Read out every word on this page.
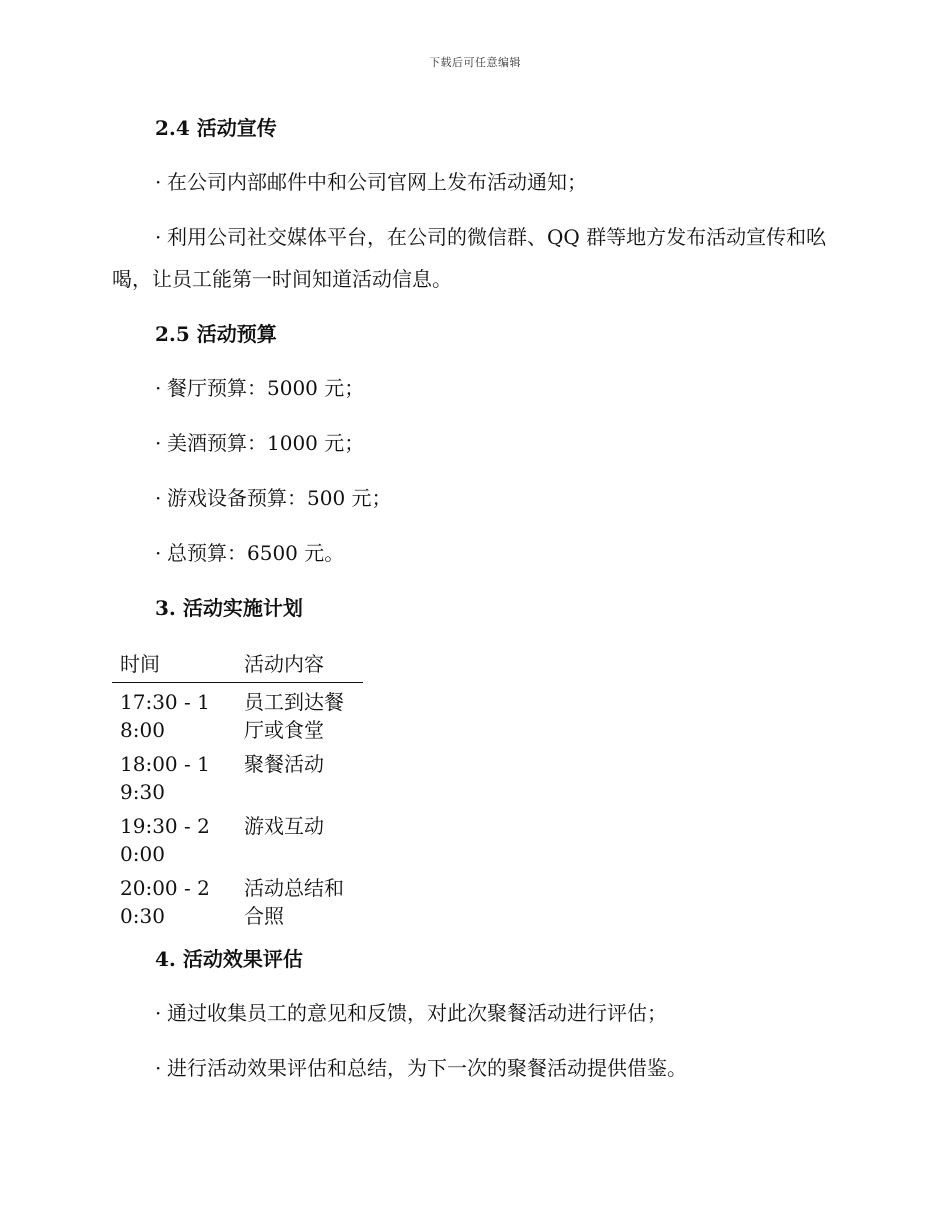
下载后可任意编辑
2.4 活动宣传
· 在公司内部邮件中和公司官网上发布活动通知；
· 利用公司社交媒体平台，在公司的微信群、QQ 群等地方发布活动宣传和吆喝，让员工能第一时间知道活动信息。
2.5 活动预算
· 餐厅预算：5000 元；
· 美酒预算：1000 元；
· 游戏设备预算：500 元；
· 总预算：6500 元。
3. 活动实施计划
时间	活动内容
17:30 - 18:00	员工到达餐厅或食堂
18:00 - 19:30	聚餐活动
19:30 - 20:00	游戏互动
20:00 - 20:30	活动总结和合照
4. 活动效果评估
· 通过收集员工的意见和反馈，对此次聚餐活动进行评估；
· 进行活动效果评估和总结，为下一次的聚餐活动提供借鉴。
